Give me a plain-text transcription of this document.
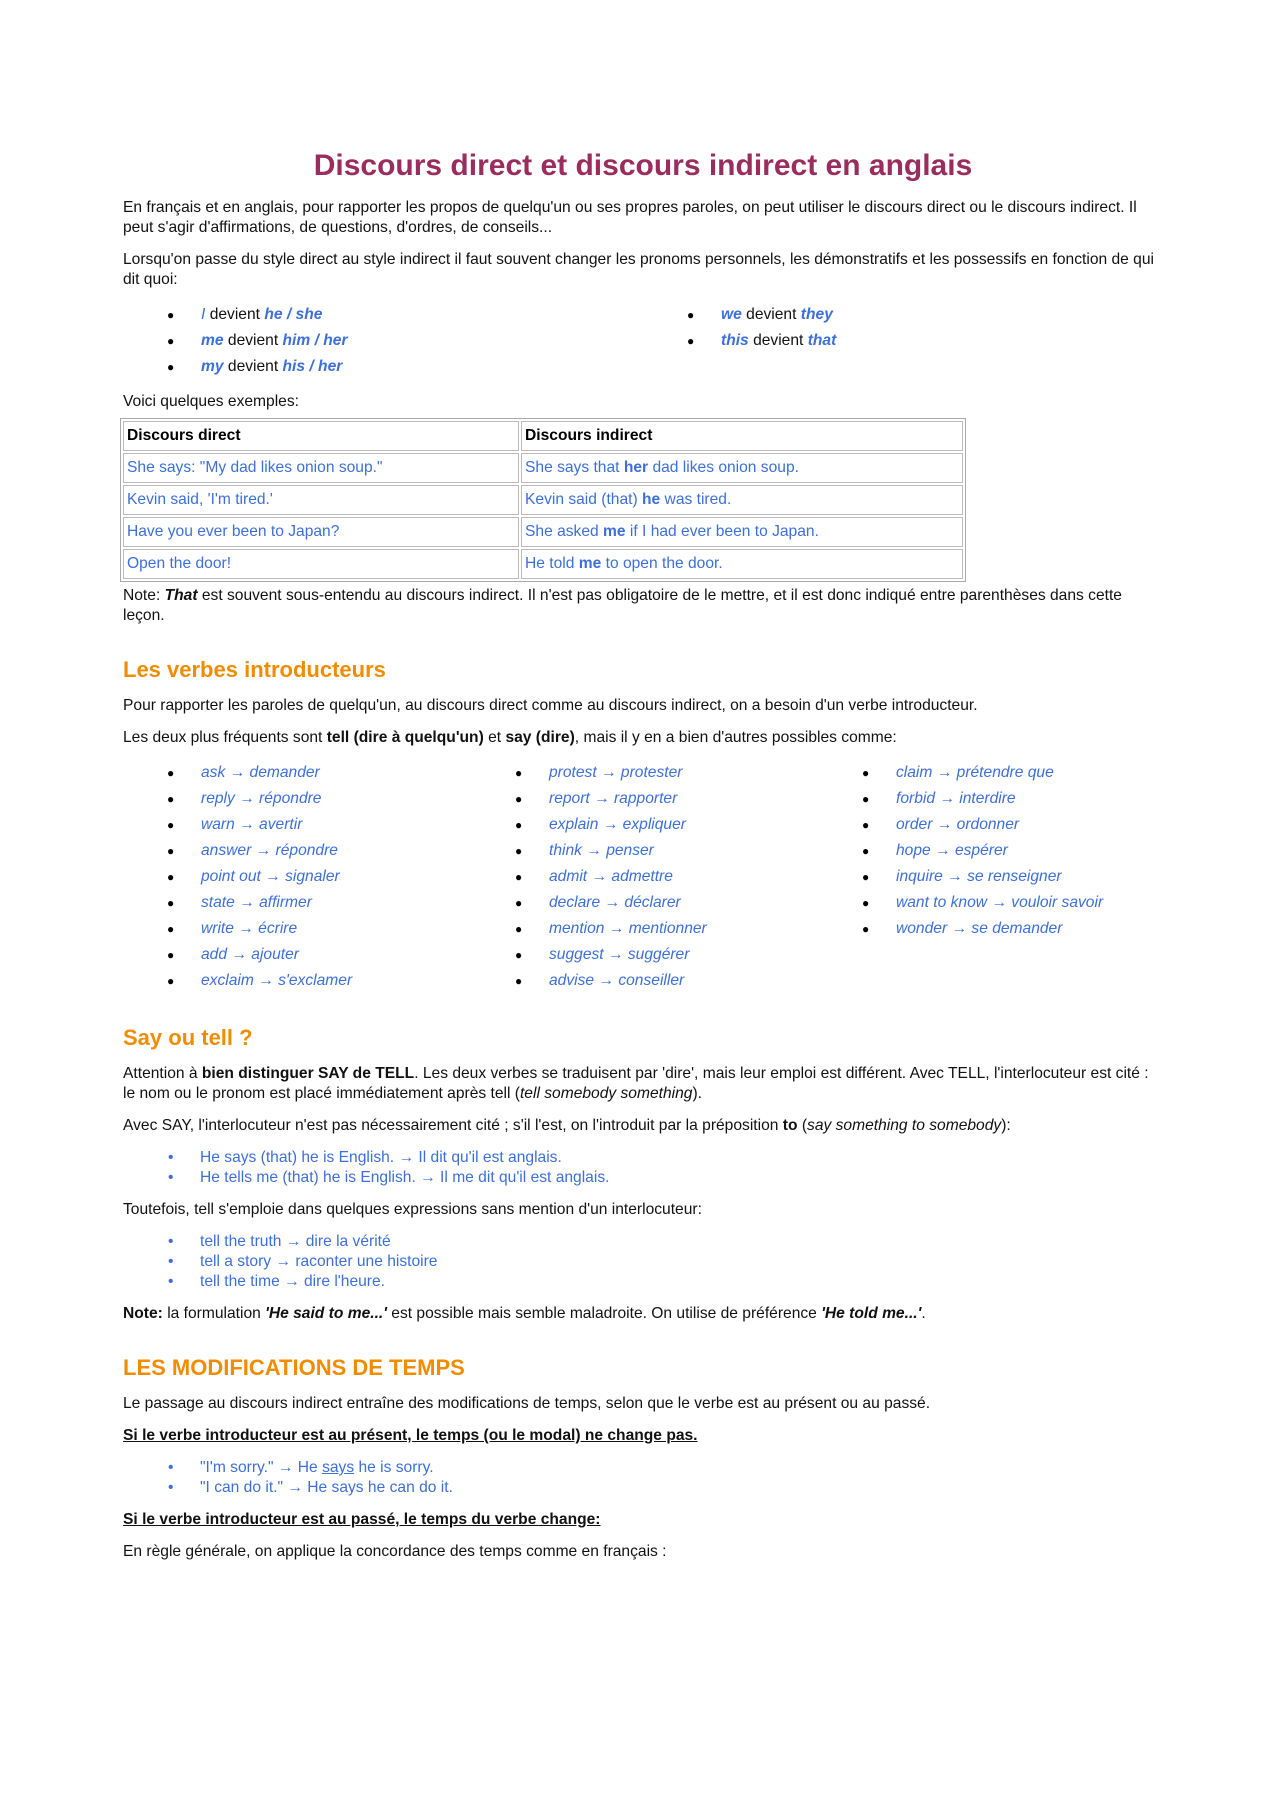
Discours direct et discours indirect en anglais

En français et en anglais, pour rapporter les propos de quelqu'un ou ses propres paroles, on peut utiliser le discours direct ou le discours indirect. Il peut s'agir d'affirmations, de questions, d'ordres, de conseils...

Lorsqu'on passe du style direct au style indirect il faut souvent changer les pronoms personnels, les démonstratifs et les possessifs en fonction de qui dit quoi:

● I devient he / she
● me devient him / her
● my devient his / her
● we devient they
● this devient that

Voici quelques exemples:

Discours direct	Discours indirect
She says: "My dad likes onion soup."	She says that her dad likes onion soup.
Kevin said, 'I'm tired.'	Kevin said (that) he was tired.
Have you ever been to Japan?	She asked me if I had ever been to Japan.
Open the door!	He told me to open the door.

Note: That est souvent sous-entendu au discours indirect. Il n'est pas obligatoire de le mettre, et il est donc indiqué entre parenthèses dans cette leçon.

Les verbes introducteurs

Pour rapporter les paroles de quelqu'un, au discours direct comme au discours indirect, on a besoin d'un verbe introducteur.

Les deux plus fréquents sont tell (dire à quelqu'un) et say (dire), mais il y en a bien d'autres possibles comme:

● ask → demander
● reply → répondre
● warn → avertir
● answer → répondre
● point out → signaler
● state → affirmer
● write → écrire
● add → ajouter
● exclaim → s'exclamer
● protest → protester
● report → rapporter
● explain → expliquer
● think → penser
● admit → admettre
● declare → déclarer
● mention → mentionner
● suggest → suggérer
● advise → conseiller
● claim → prétendre que
● forbid → interdire
● order → ordonner
● hope → espérer
● inquire → se renseigner
● want to know → vouloir savoir
● wonder → se demander
Say ou tell ?

Attention à bien distinguer SAY de TELL. Les deux verbes se traduisent par 'dire', mais leur emploi est différent. Avec TELL, l'interlocuteur est cité : le nom ou le pronom est placé immédiatement après tell (tell somebody something).

Avec SAY, l'interlocuteur n'est pas nécessairement cité ; s'il l'est, on l'introduit par la préposition to (say something to somebody):

• He says (that) he is English. → Il dit qu'il est anglais.
• He tells me (that) he is English. → Il me dit qu'il est anglais.

Toutefois, tell s'emploie dans quelques expressions sans mention d'un interlocuteur:

• tell the truth → dire la vérité
• tell a story → raconter une histoire
• tell the time → dire l'heure.

Note: la formulation 'He said to me...' est possible mais semble maladroite. On utilise de préférence 'He told me...'.

LES MODIFICATIONS DE TEMPS

Le passage au discours indirect entraîne des modifications de temps, selon que le verbe est au présent ou au passé.

Si le verbe introducteur est au présent, le temps (ou le modal) ne change pas.

• "I'm sorry." → He says he is sorry.
• "I can do it." → He says he can do it.

Si le verbe introducteur est au passé, le temps du verbe change:

En règle générale, on applique la concordance des temps comme en français :
